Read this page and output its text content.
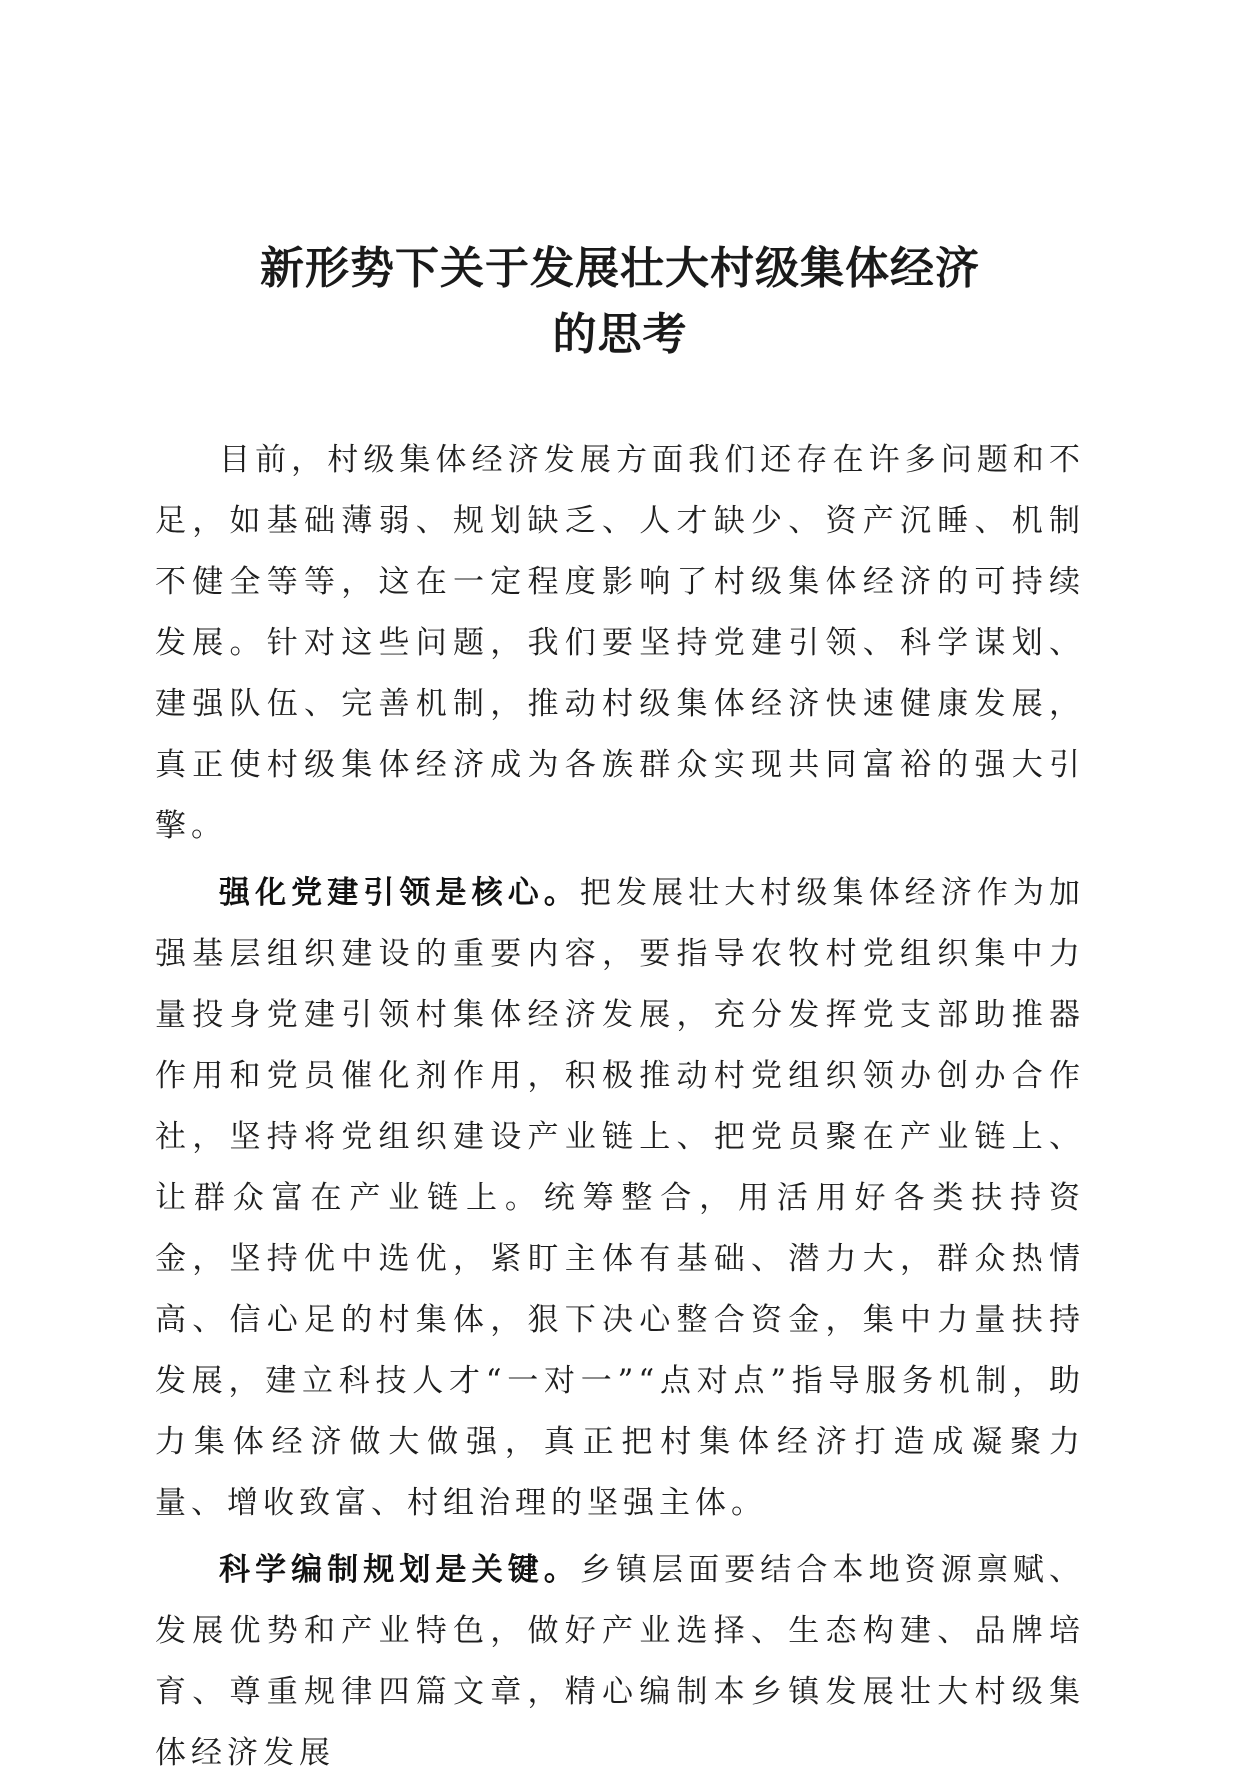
新形势下关于发展壮大村级集体经济
的思考

目前，村级集体经济发展方面我们还存在许多问题和不足，如基础薄弱、规划缺乏、人才缺少、资产沉睡、机制不健全等等，这在一定程度影响了村级集体经济的可持续发展。针对这些问题，我们要坚持党建引领、科学谋划、建强队伍、完善机制，推动村级集体经济快速健康发展，真正使村级集体经济成为各族群众实现共同富裕的强大引擎。

强化党建引领是核心。把发展壮大村级集体经济作为加强基层组织建设的重要内容，要指导农牧村党组织集中力量投身党建引领村集体经济发展，充分发挥党支部助推器作用和党员催化剂作用，积极推动村党组织领办创办合作社，坚持将党组织建设产业链上、把党员聚在产业链上、让群众富在产业链上。统筹整合，用活用好各类扶持资金，坚持优中选优，紧盯主体有基础、潜力大，群众热情高、信心足的村集体，狠下决心整合资金，集中力量扶持发展，建立科技人才“一对一”“点对点”指导服务机制，助力集体经济做大做强，真正把村集体经济打造成凝聚力量、增收致富、村组治理的坚强主体。

科学编制规划是关键。乡镇层面要结合本地资源禀赋、发展优势和产业特色，做好产业选择、生态构建、品牌培育、尊重规律四篇文章，精心编制本乡镇发展壮大村级集体经济发展
